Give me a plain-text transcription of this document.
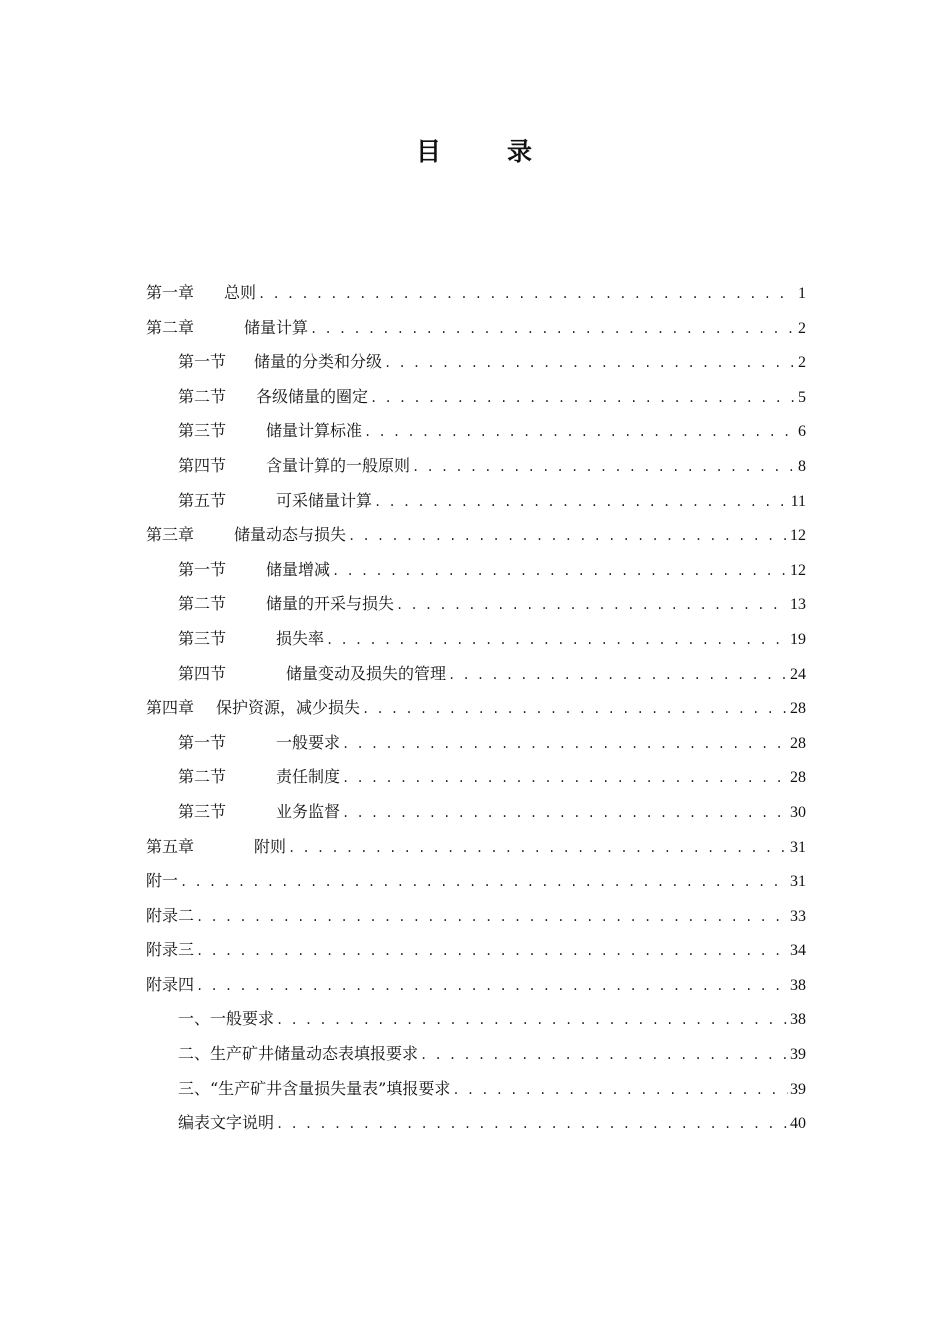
目	录
第一章 总则 . . .	1
第二章	储量计算 . . .	2
第一节 储量的分类和分级 . . .	2
第二节 各级储量的圈定 . . .	5
第三节	储量计算标准 . . .	6
第四节	含量计算的一般原则 . . .	8
第五节	可采储量计算 . . .	11
第三章	储量动态与损失 . . .	12
第一节	储量增减 . . .	12
第二节	储量的开采与损失 . . .	13
第三节	损失率 . . .	19
第四节	储量变动及损失的管理 . . .	24
第四章 保护资源，减少损失 . . .	28
第一节	一般要求 . . .	28
第二节	责任制度 . . .	28
第三节	业务监督 . . .	30
第五章	附则 . . .	31
附一 . . .	31
附录二 . . .	33
附录三 . . .	34
附录四 . . .	38
一、一般要求 . . .	38
二、生产矿井储量动态表填报要求 . . .	39
三、“生产矿井含量损失量表”填报要求 . . .	39
编表文字说明 . . .	40
